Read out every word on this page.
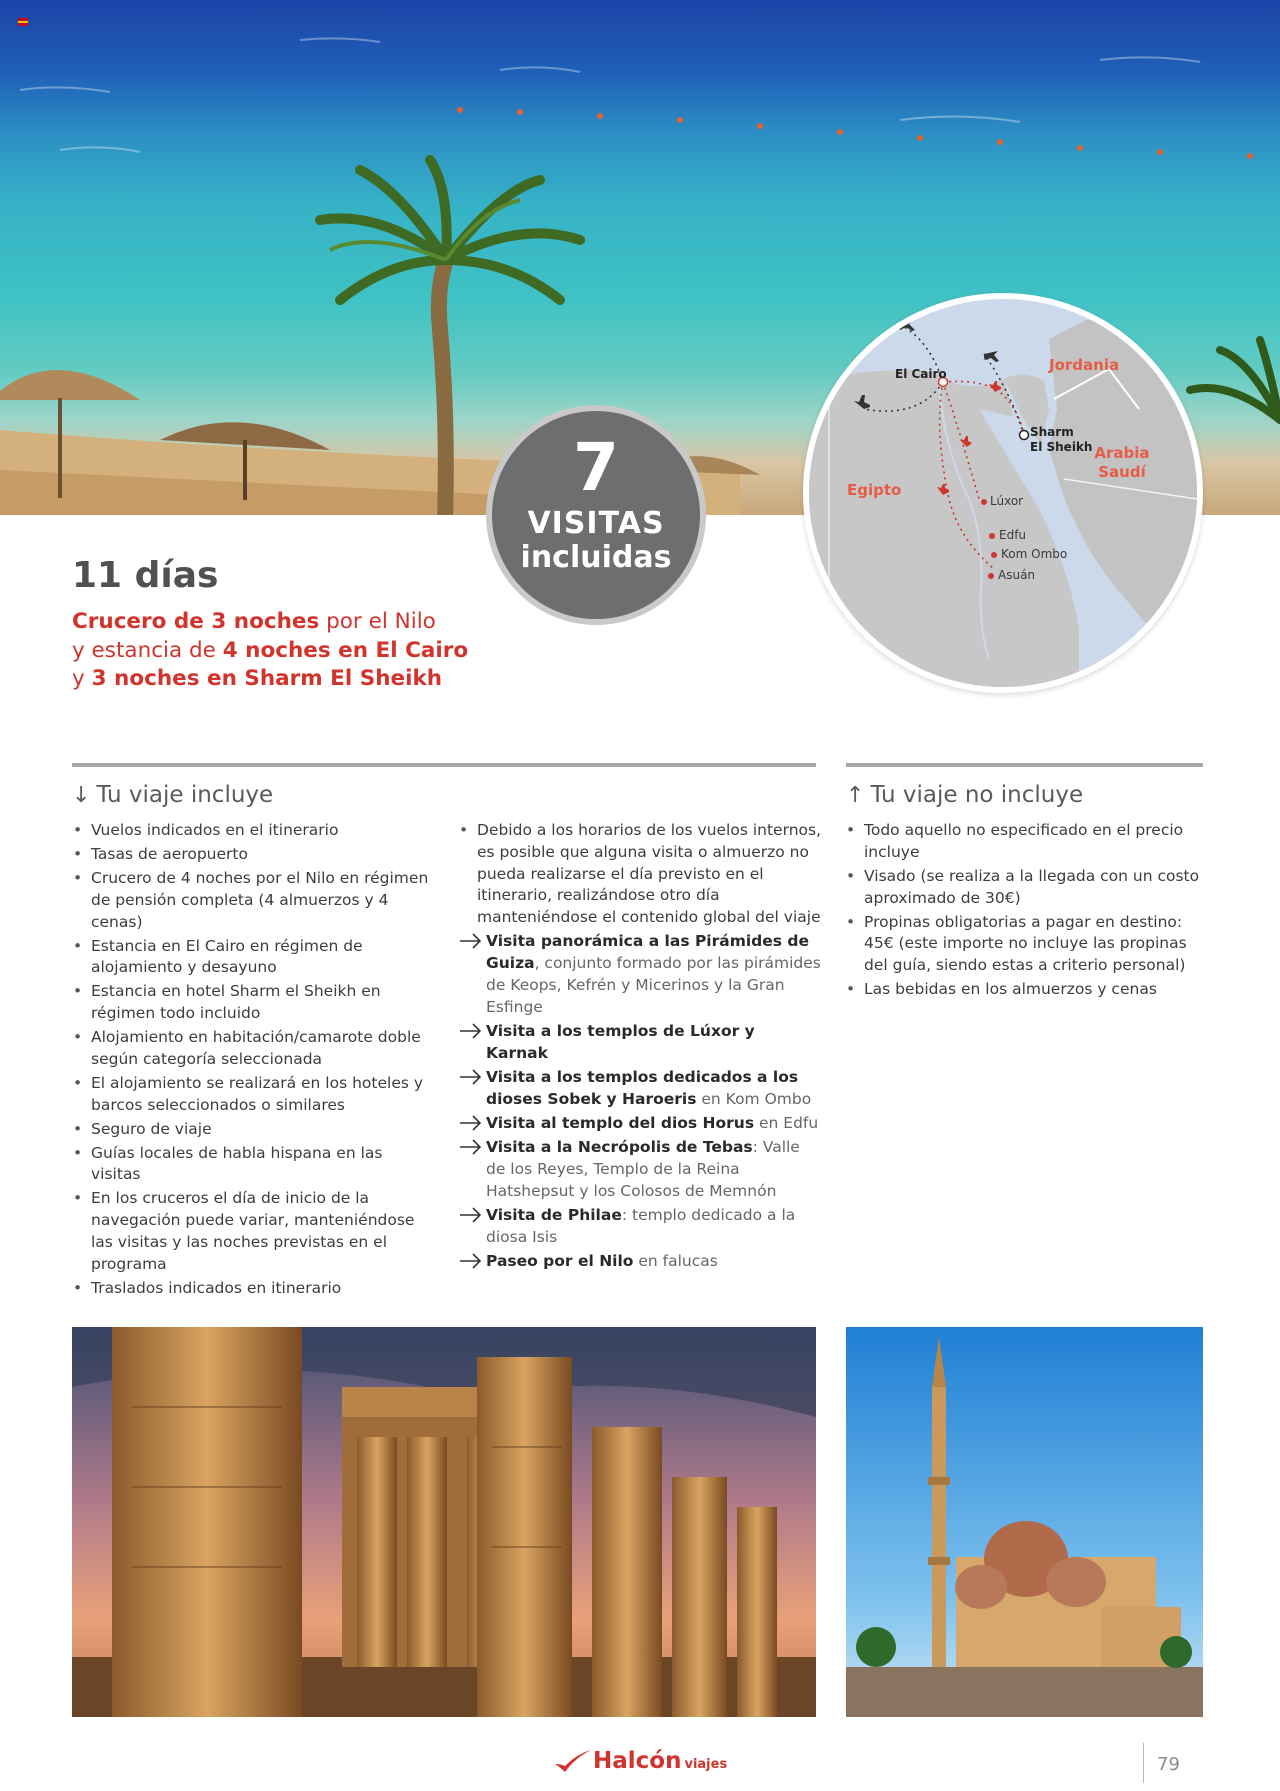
7
VISITAS
incluidas
El Cairo
Sharm
El Sheikh
Lúxor
Edfu
Kom Ombo
Asuán
Jordania
Arabia Saudí
Egipto
11 días
Crucero de 3 noches por el Nilo
y estancia de 4 noches en El Cairo
y 3 noches en Sharm El Sheikh
↓ Tu viaje incluye	↑ Tu viaje no incluye
• Vuelos indicados en el itinerario
• Tasas de aeropuerto
• Crucero de 4 noches por el Nilo en régimen de pensión completa (4 almuerzos y 4 cenas)
• Estancia en El Cairo en régimen de alojamiento y desayuno
• Estancia en hotel Sharm el Sheikh en régimen todo incluido
• Alojamiento en habitación/camarote doble según categoría seleccionada
• El alojamiento se realizará en los hoteles y barcos seleccionados o similares
• Seguro de viaje
• Guías locales de habla hispana en las visitas
• En los cruceros el día de inicio de la navegación puede variar, manteniéndose las visitas y las noches previstas en el programa
• Traslados indicados en itinerario
• Debido a los horarios de los vuelos internos, es posible que alguna visita o almuerzo no pueda realizarse el día previsto en el itinerario, realizándose otro día manteniéndose el contenido global del viaje
Visita panorámica a las Pirámides de Guiza, conjunto formado por las pirámides de Keops, Kefrén y Micerinos y la Gran Esfinge
Visita a los templos de Lúxor y Karnak
Visita a los templos dedicados a los dioses Sobek y Haroeris en Kom Ombo
Visita al templo del dios Horus en Edfu
Visita a la Necrópolis de Tebas: Valle de los Reyes, Templo de la Reina Hatshepsut y los Colosos de Memnón
Visita de Philae: templo dedicado a la diosa Isis
Paseo por el Nilo en falucas
• Todo aquello no especificado en el precio incluye
• Visado (se realiza a la llegada con un costo aproximado de 30€)
• Propinas obligatorias a pagar en destino: 45€ (este importe no incluye las propinas del guía, siendo estas a criterio personal)
• Las bebidas en los almuerzos y cenas
Halcón viajes	79
